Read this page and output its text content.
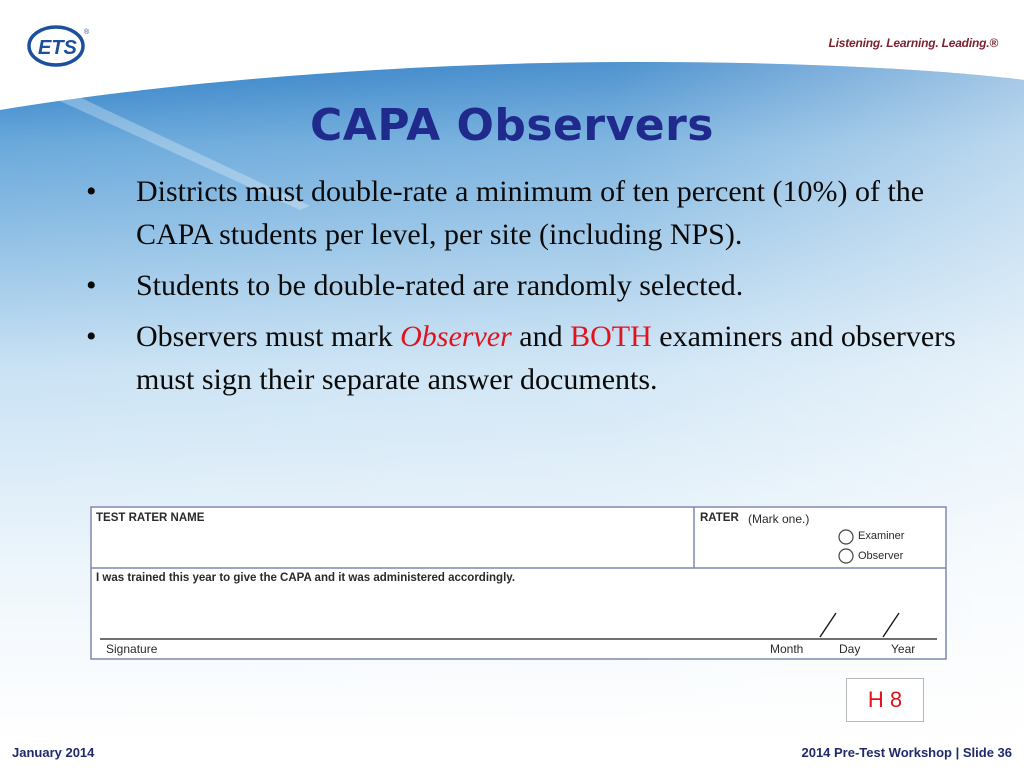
ETS
®
Listening. Learning. Leading.®
CAPA Observers
• Districts must double-rate a minimum of ten percent (10%) of the CAPA students per level, per site (including NPS).
• Students to be double-rated are randomly selected.
• Observers must mark Observer and BOTH examiners and observers must sign their separate answer documents.
TEST RATER NAME	RATER (Mark one.)
Examiner
Observer
I was trained this year to give the CAPA and it was administered accordingly.
Signature	Month	Day	Year
H 8
January 2014	2014 Pre-Test Workshop | Slide 36
